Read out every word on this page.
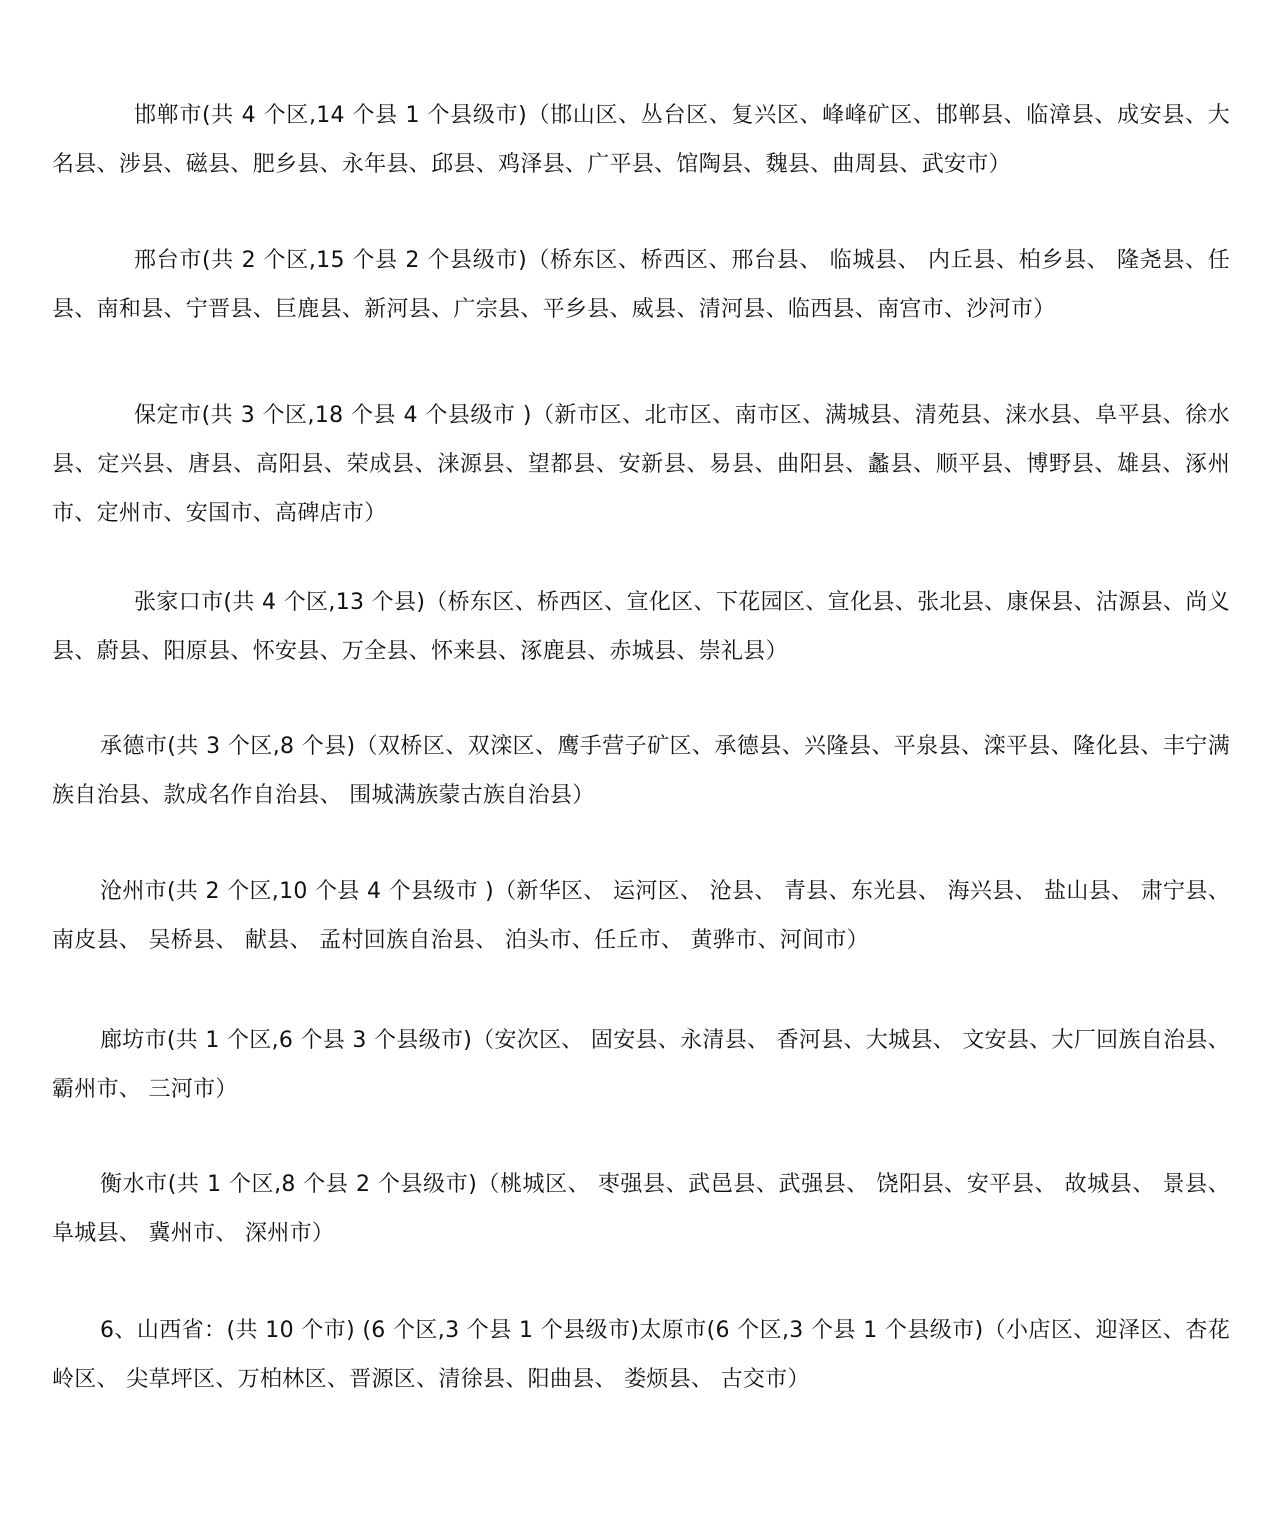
邯郸市(共 4 个区,14 个县 1 个县级市)（邯山区、丛台区、复兴区、峰峰矿区、邯郸县、临漳县、成安县、大名县、涉县、磁县、肥乡县、永年县、邱县、鸡泽县、广平县、馆陶县、魏县、曲周县、武安市）

邢台市(共 2 个区,15 个县 2 个县级市)（桥东区、桥西区、邢台县、 临城县、 内丘县、柏乡县、 隆尧县、任县、南和县、宁晋县、巨鹿县、新河县、广宗县、平乡县、威县、清河县、临西县、南宫市、沙河市）

保定市(共 3 个区,18 个县 4 个县级市 )（新市区、北市区、南市区、满城县、清苑县、涞水县、阜平县、徐水县、定兴县、唐县、高阳县、荣成县、涞源县、望都县、安新县、易县、曲阳县、蠡县、顺平县、博野县、雄县、涿州市、定州市、安国市、高碑店市）

张家口市(共 4 个区,13 个县)（桥东区、桥西区、宣化区、下花园区、宣化县、张北县、康保县、沽源县、尚义县、蔚县、阳原县、怀安县、万全县、怀来县、涿鹿县、赤城县、崇礼县）

承德市(共 3 个区,8 个县)（双桥区、双滦区、鹰手营子矿区、承德县、兴隆县、平泉县、滦平县、隆化县、丰宁满族自治县、款成名作自治县、 围城满族蒙古族自治县）

沧州市(共 2 个区,10 个县 4 个县级市 )（新华区、 运河区、 沧县、 青县、东光县、 海兴县、 盐山县、 肃宁县、南皮县、 吴桥县、 献县、 孟村回族自治县、 泊头市、任丘市、 黄骅市、河间市）

廊坊市(共 1 个区,6 个县 3 个县级市)（安次区、 固安县、永清县、 香河县、大城县、 文安县、大厂回族自治县、 霸州市、 三河市）

衡水市(共 1 个区,8 个县 2 个县级市)（桃城区、 枣强县、武邑县、武强县、 饶阳县、安平县、 故城县、 景县、阜城县、 冀州市、 深州市）

6、山西省：(共 10 个市) (6 个区,3 个县 1 个县级市)太原市(6 个区,3 个县 1 个县级市)（小店区、迎泽区、杏花岭区、 尖草坪区、万柏林区、晋源区、清徐县、阳曲县、 娄烦县、 古交市）
